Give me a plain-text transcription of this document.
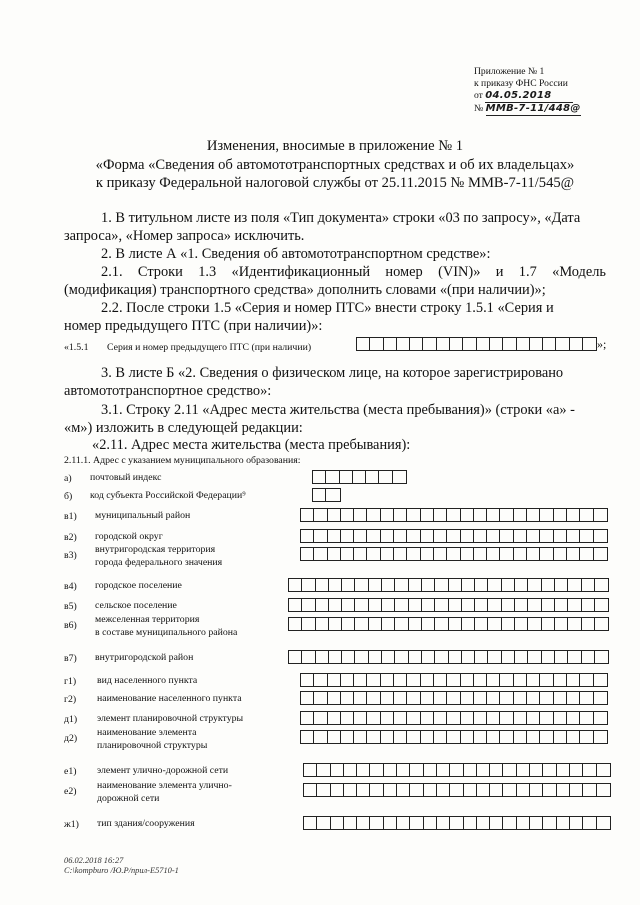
Приложение № 1
к приказу ФНС России
от 04.05.2018
№ ММВ-7-11/448@
Изменения, вносимые в приложение № 1
«Форма «Сведения об автомототранспортных средствах и об их владельцах»
к приказу Федеральной налоговой службы от 25.11.2015 № ММВ-7-11/545@
1. В титульном листе из поля «Тип документа» строки «03 по запросу», «Дата
запроса», «Номер запроса» исключить.
2. В листе А «1. Сведения об автомототранспортном средстве»:
2.1. Строки 1.3 «Идентификационный номер (VIN)» и 1.7 «Модель
(модификация) транспортного средства» дополнить словами «(при наличии)»;
2.2. После строки 1.5 «Серия и номер ПТС» внести строку 1.5.1 «Серия и
номер предыдущего ПТС (при наличии)»:
«1.5.1 Серия и номер предыдущего ПТС (при наличии)	»;
3. В листе Б «2. Сведения о физическом лице, на которое зарегистрировано
автомототранспортное средство»:
3.1. Строку 2.11 «Адрес места жительства (места пребывания)» (строки «а» -
«м») изложить в следующей редакции:
«2.11. Адрес места жительства (места пребывания):
2.11.1. Адрес с указанием муниципального образования:
а) почтовый индекс
б) код субъекта Российской Федерации⁹
в1) муниципальный район
в2) городской округ
в3)
внутригородская территория
города федерального значения
в4) городское поселение
в5) сельское поселение
в6)
межселенная территория
в составе муниципального района
в7) внутригородской район
г1) вид населенного пункта
г2) наименование населенного пункта
д1) элемент планировочной структуры
д2)
наименование элемента
планировочной структуры
е1) элемент улично-дорожной сети
е2)
наименование элемента улично-
дорожной сети
ж1) тип здания/сооружения
06.02.2018 16:27
C:\kompburo /Ю.Р/прил-Е5710-1
